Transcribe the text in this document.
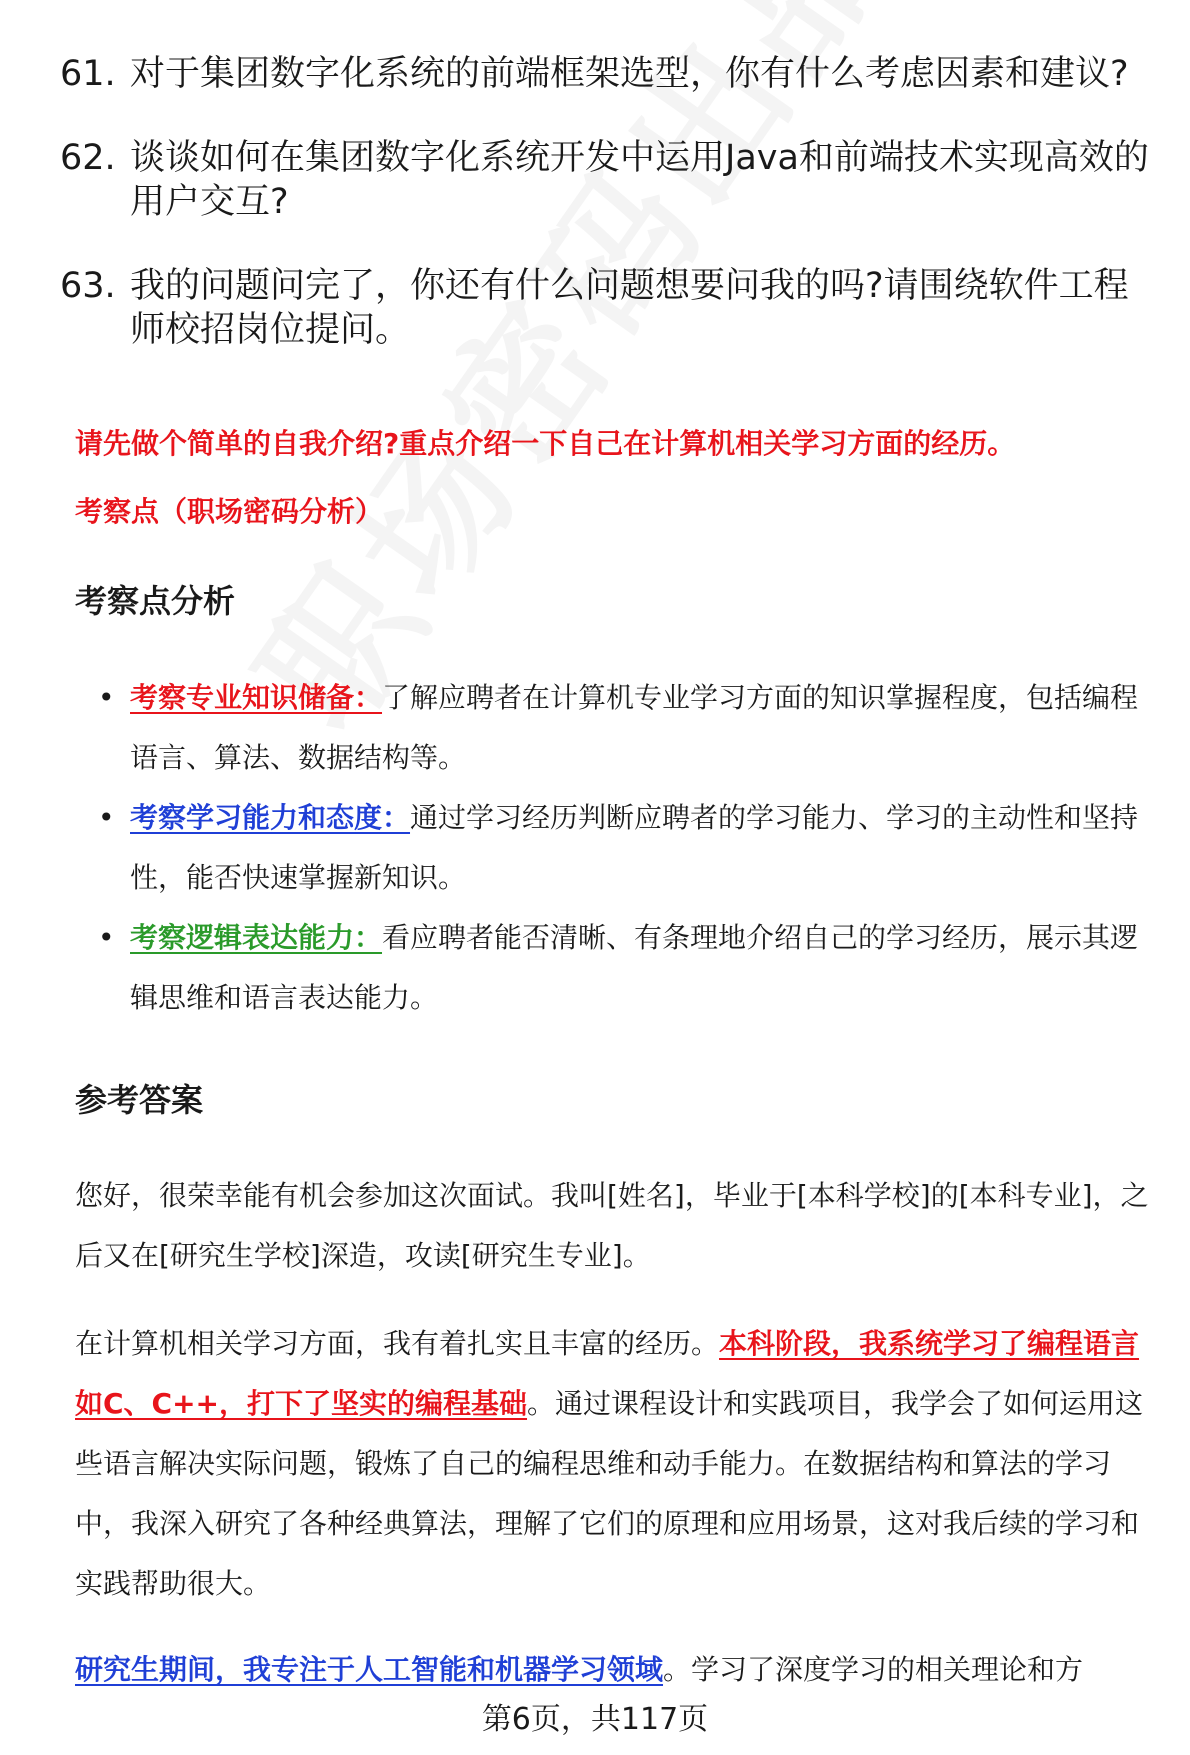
61. 对于集团数字化系统的前端框架选型，你有什么考虑因素和建议?
62. 谈谈如何在集团数字化系统开发中运用Java和前端技术实现高效的用户交互?
63. 我的问题问完了，你还有什么问题想要问我的吗?请围绕软件工程师校招岗位提问。
请先做个简单的自我介绍?重点介绍一下自己在计算机相关学习方面的经历。
考察点（职场密码分析）
考察点分析
• 考察专业知识储备：了解应聘者在计算机专业学习方面的知识掌握程度，包括编程语言、算法、数据结构等。
• 考察学习能力和态度：通过学习经历判断应聘者的学习能力、学习的主动性和坚持性，能否快速掌握新知识。
• 考察逻辑表达能力：看应聘者能否清晰、有条理地介绍自己的学习经历，展示其逻辑思维和语言表达能力。
参考答案
您好，很荣幸能有机会参加这次面试。我叫[姓名]，毕业于[本科学校]的[本科专业]，之后又在[研究生学校]深造，攻读[研究生专业]。
在计算机相关学习方面，我有着扎实且丰富的经历。本科阶段，我系统学习了编程语言如C、C++，打下了坚实的编程基础。通过课程设计和实践项目，我学会了如何运用这些语言解决实际问题，锻炼了自己的编程思维和动手能力。在数据结构和算法的学习中，我深入研究了各种经典算法，理解了它们的原理和应用场景，这对我后续的学习和实践帮助很大。
研究生期间，我专注于人工智能和机器学习领域。学习了深度学习的相关理论和方
第6页，共117页
